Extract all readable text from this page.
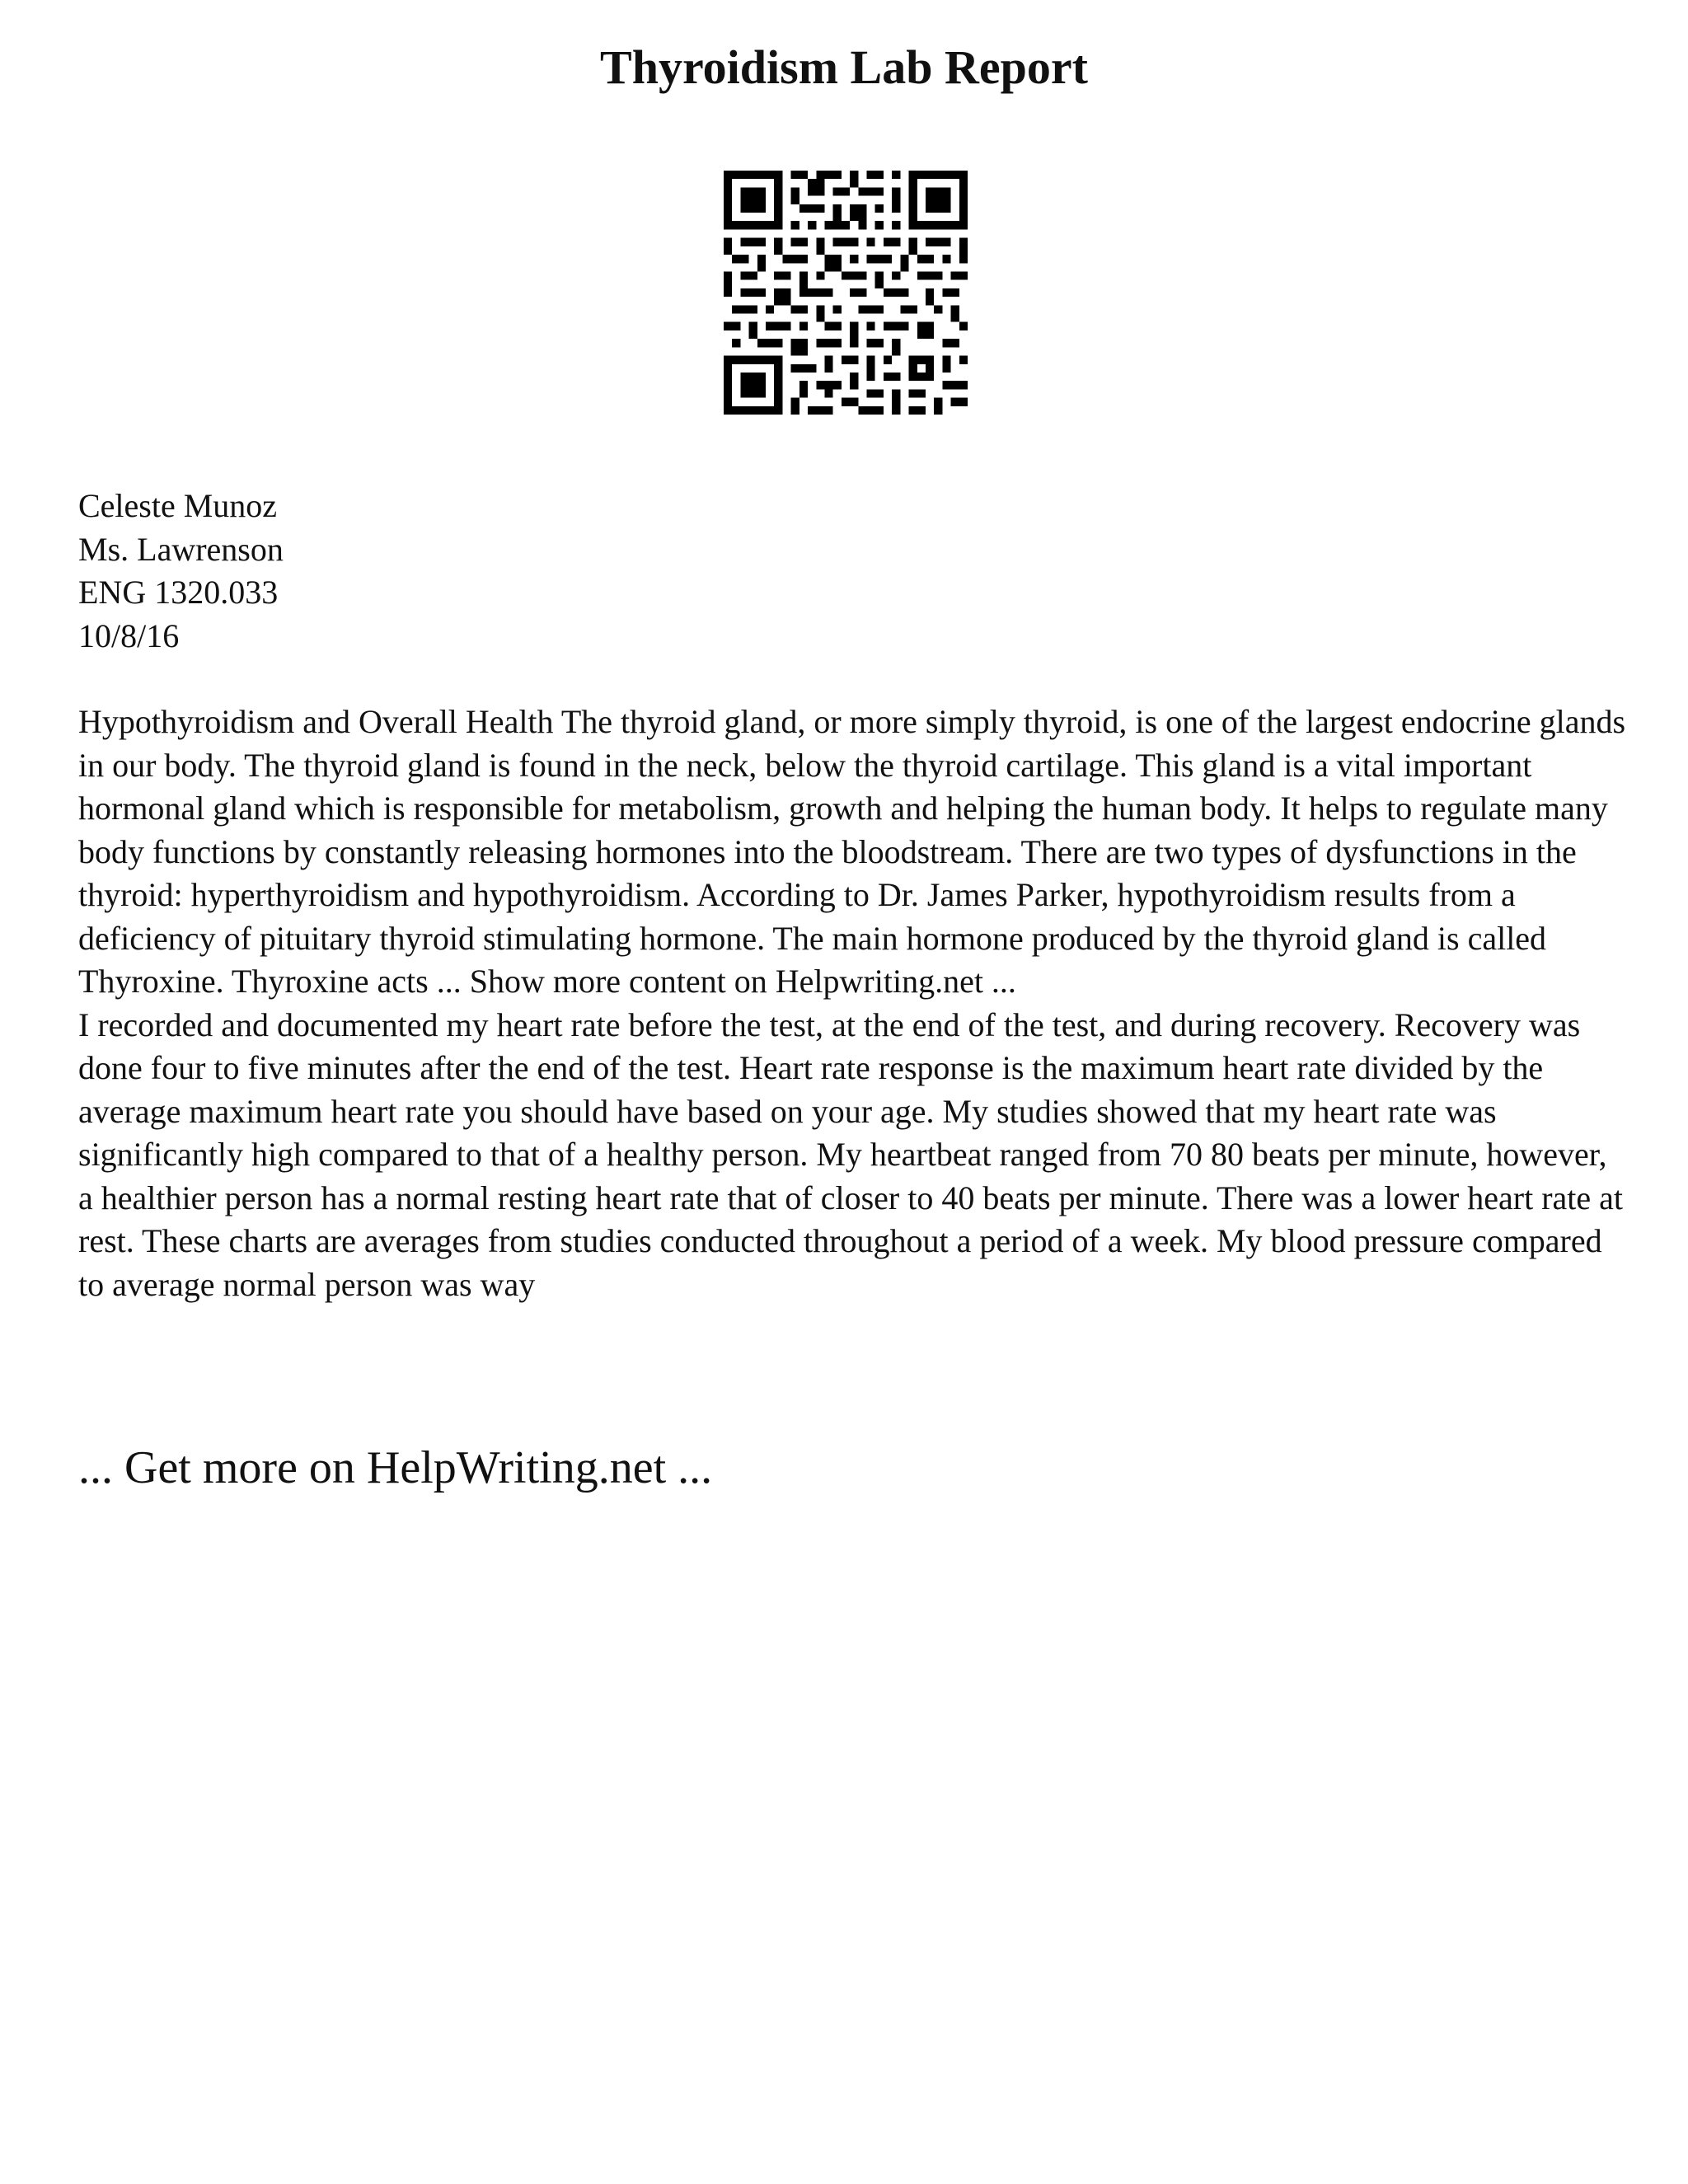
Thyroidism Lab Report
Celeste Munoz
Ms. Lawrenson
ENG 1320.033
10/8/16

Hypothyroidism and Overall Health The thyroid gland, or more simply thyroid, is one of the largest endocrine glands in our body. The thyroid gland is found in the neck, below the thyroid cartilage. This gland is a vital important hormonal gland which is responsible for metabolism, growth and helping the human body. It helps to regulate many body functions by constantly releasing hormones into the bloodstream. There are two types of dysfunctions in the thyroid: hyperthyroidism and hypothyroidism. According to Dr. James Parker, hypothyroidism results from a deficiency of pituitary thyroid stimulating hormone. The main hormone produced by the thyroid gland is called Thyroxine. Thyroxine acts ... Show more content on Helpwriting.net ...

I recorded and documented my heart rate before the test, at the end of the test, and during recovery. Recovery was done four to five minutes after the end of the test. Heart rate response is the maximum heart rate divided by the average maximum heart rate you should have based on your age. My studies showed that my heart rate was significantly high compared to that of a healthy person. My heartbeat ranged from 70 80 beats per minute, however, a healthier person has a normal resting heart rate that of closer to 40 beats per minute. There was a lower heart rate at rest. These charts are averages from studies conducted throughout a period of a week. My blood pressure compared to average normal person was way

... Get more on HelpWriting.net ...
